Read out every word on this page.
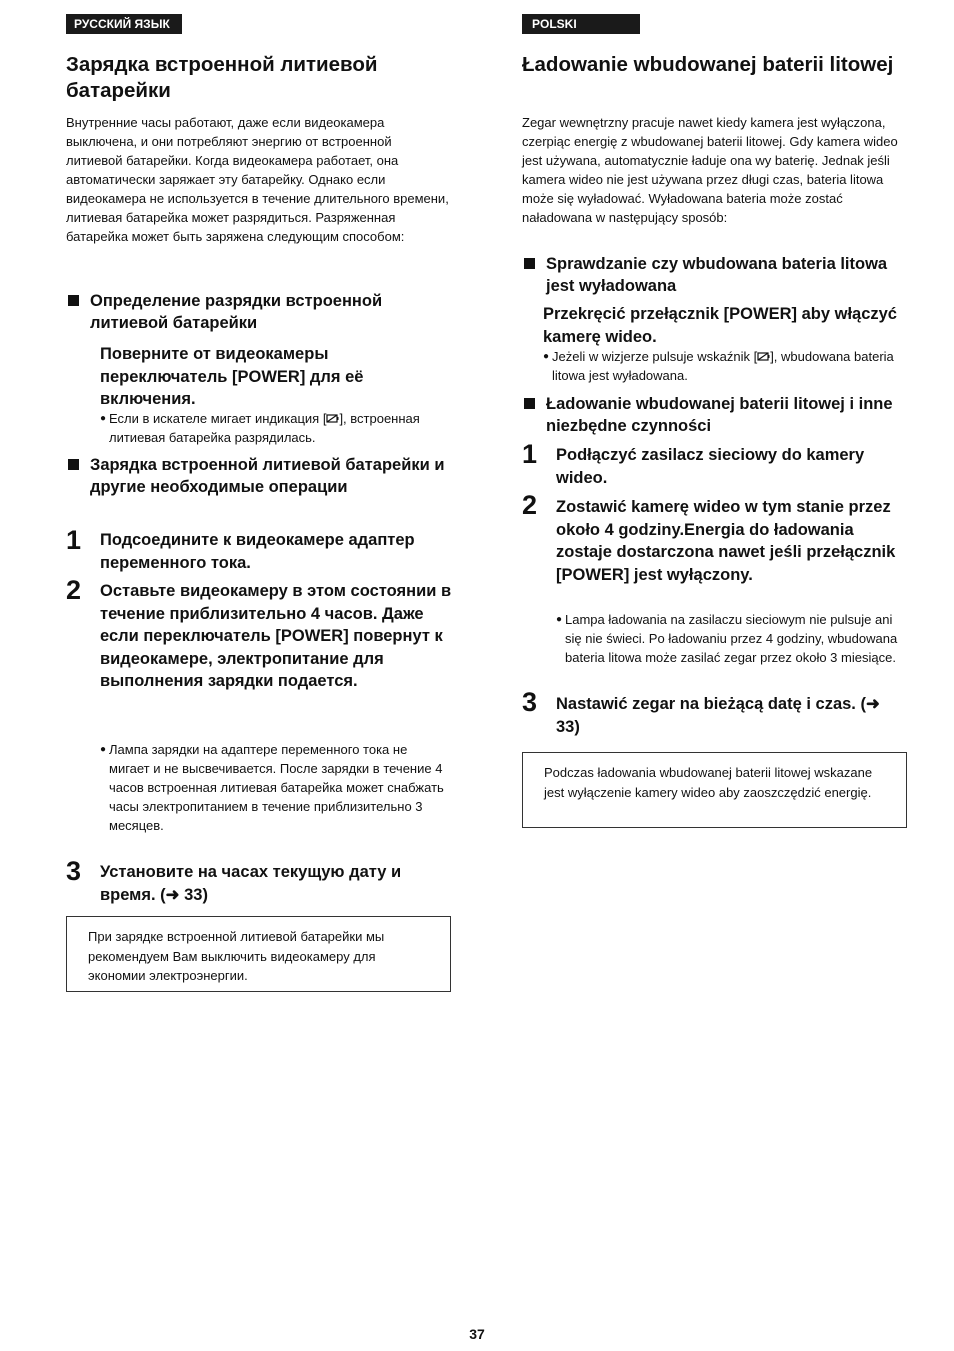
РУССКИЙ ЯЗЫК
Зарядка встроенной литиевой батарейки

Внутренние часы работают, даже если видеокамера выключена, и они потребляют энергию от встроенной литиевой батарейки. Когда видеокамера работает, она автоматически заряжает эту батарейку. Однако если видеокамера не используется в течение длительного времени, литиевая батарейка может разрядиться. Разряженная батарейка может быть заряжена следующим способом:

Определение разрядки встроенной литиевой батарейки

Поверните от видеокамеры переключатель [POWER] для её включения.

● Если в искателе мигает индикация [ ], встроенная литиевая батарейка разрядилась.
Зарядка встроенной литиевой батарейки и другие необходимые операции
1 Подсоедините к видеокамере адаптер переменного тока.

2 Оставьте видеокамеру в этом состоянии в течение приблизительно 4 часов. Даже если переключатель [POWER] повернут к видеокамере, электропитание для выполнения зарядки подается.

● Лампа зарядки на адаптере переменного тока не мигает и не высвечивается. После зарядки в течение 4 часов встроенная литиевая батарейка может снабжать часы электропитанием в течение приблизительно 3 месяцев.
3 Установите на часах текущую дату и время. (➜ 33)

При зарядке встроенной литиевой батарейки мы рекомендуем Вам выключить видеокамеру для экономии электроэнергии.
POLSKI
Ładowanie wbudowanej baterii litowej

Zegar wewnętrzny pracuje nawet kiedy kamera jest wyłączona, czerpiąc energię z wbudowanej baterii litowej. Gdy kamera wideo jest używana, automatycznie ładuje ona wy baterię. Jednak jeśli kamera wideo nie jest używana przez długi czas, bateria litowa może się wyładować. Wyładowana bateria może zostać naładowana w następujący sposób:

Sprawdzanie czy wbudowana bateria litowa jest wyładowana

Przekręcić przełącznik [POWER] aby włączyć kamerę wideo.

● Jeżeli w wizjerze pulsuje wskaźnik [ ], wbudowana bateria litowa jest wyładowana.
Ładowanie wbudowanej baterii litowej i inne niezbędne czynności
1 Podłączyć zasilacz sieciowy do kamery wideo.

2 Zostawić kamerę wideo w tym stanie przez około 4 godziny.Energia do ładowania zostaje dostarczona nawet jeśli przełącznik [POWER] jest wyłączony.

● Lampa ładowania na zasilaczu sieciowym nie pulsuje ani się nie świeci. Po ładowaniu przez 4 godziny, wbudowana bateria litowa może zasilać zegar przez około 3 miesiące.
3 Nastawić zegar na bieżącą datę i czas. (➜ 33)

Podczas ładowania wbudowanej baterii litowej wskazane jest wyłączenie kamery wideo aby zaoszczędzić energię.
37
